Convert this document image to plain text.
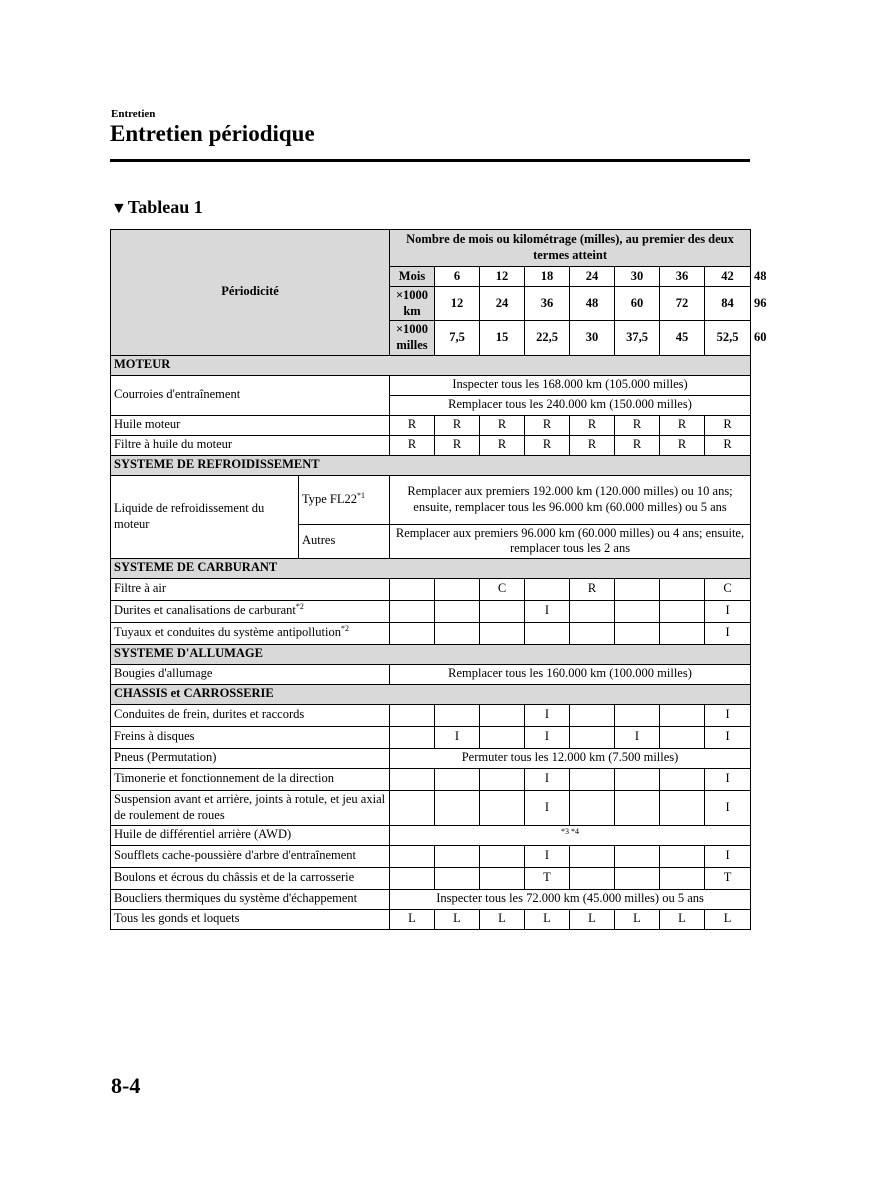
Entretien
Entretien périodique
▼Tableau 1
Périodicité		Nombre de mois ou kilométrage (milles), au premier des deux termes atteint								
		Mois	6	12	18	24	30	36	42	48
		×1000 km	12	24	36	48	60	72	84	96
		×1000 milles	7,5	15	22,5	30	37,5	45	52,5	60
MOTEUR										
Courroies d'entraînement		Inspecter tous les 168.000 km (105.000 milles)								
		Remplacer tous les 240.000 km (150.000 milles)								
Huile moteur		R	R	R	R	R	R	R	R	
Filtre à huile du moteur		R	R	R	R	R	R	R	R	
SYSTEME DE REFROIDISSEMENT										
Liquide de refroidissement du moteur	Type FL22$^{*1}$	Remplacer aux premiers 192.000 km (120.000 milles) ou 10 ans; ensuite, remplacer tous les 96.000 km (60.000 milles) ou 5 ans								
	Autres	Remplacer aux premiers 96.000 km (60.000 milles) ou 4 ans; ensuite, remplacer tous les 2 ans								
SYSTEME DE CARBURANT										
Filtre à air				C		R			C	
Durites et canalisations de carburant$^{*2}$					I				I	
Tuyaux et conduites du système antipollution$^{*2}$									I	
SYSTEME D'ALLUMAGE										
Bougies d'allumage		Remplacer tous les 160.000 km (100.000 milles)								
CHASSIS et CARROSSERIE										
Conduites de frein, durites et raccords					I				I	
Freins à disques			I		I		I		I	
Pneus (Permutation)		Permuter tous les 12.000 km (7.500 milles)								
Timonerie et fonctionnement de la direction					I				I	
Suspension avant et arrière, joints à rotule, et jeu axial de roulement de roues					I				I	
Huile de différentiel arrière (AWD)		*3 *4								
Soufflets cache-poussière d'arbre d'entraînement					I				I	
Boulons et écrous du châssis et de la carrosserie					T				T	
Boucliers thermiques du système d'échappement		Inspecter tous les 72.000 km (45.000 milles) ou 5 ans								
Tous les gonds et loquets		L	L	L	L	L	L	L	L	
8-4
